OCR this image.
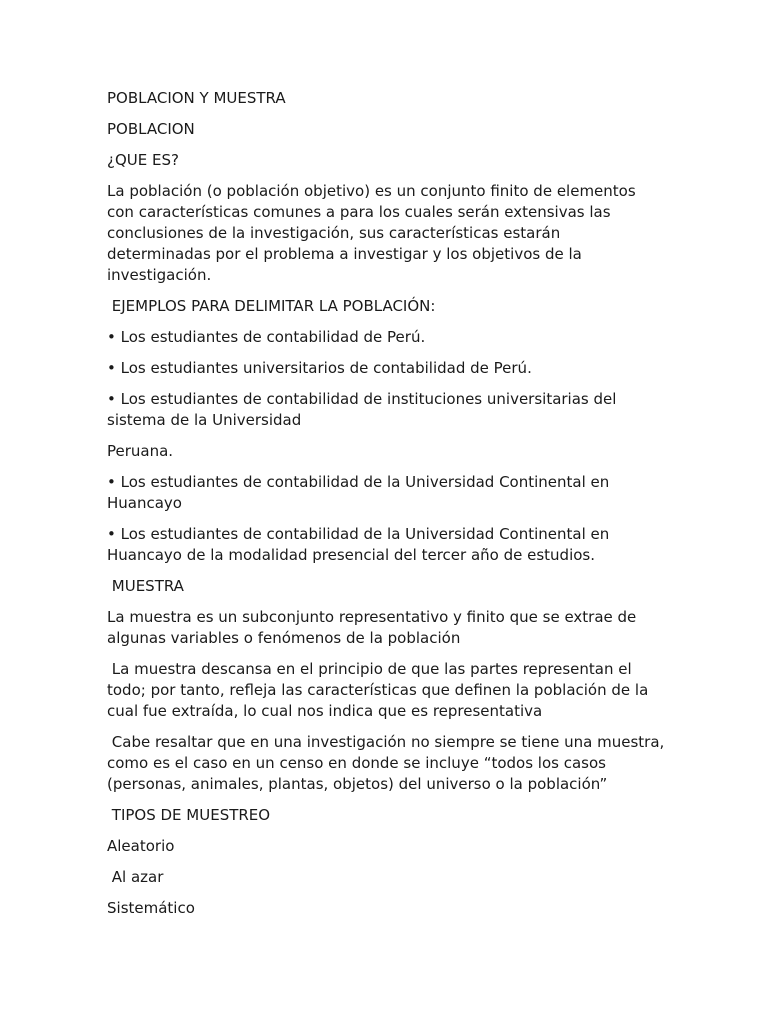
POBLACION Y MUESTRA

POBLACION

¿QUE ES?

La población (o población objetivo) es un conjunto finito de elementos con características comunes a para los cuales serán extensivas las conclusiones de la investigación, sus características estarán determinadas por el problema a investigar y los objetivos de la investigación.

EJEMPLOS PARA DELIMITAR LA POBLACIÓN:

• Los estudiantes de contabilidad de Perú.

• Los estudiantes universitarios de contabilidad de Perú.

• Los estudiantes de contabilidad de instituciones universitarias del sistema de la Universidad

Peruana.

• Los estudiantes de contabilidad de la Universidad Continental en Huancayo

• Los estudiantes de contabilidad de la Universidad Continental en Huancayo de la modalidad presencial del tercer año de estudios.

MUESTRA

La muestra es un subconjunto representativo y finito que se extrae de algunas variables o fenómenos de la población

La muestra descansa en el principio de que las partes representan el todo; por tanto, refleja las características que definen la población de la cual fue extraída, lo cual nos indica que es representativa

Cabe resaltar que en una investigación no siempre se tiene una muestra, como es el caso en un censo en donde se incluye “todos los casos (personas, animales, plantas, objetos) del universo o la población”

TIPOS DE MUESTREO

Aleatorio

Al azar

Sistemático
